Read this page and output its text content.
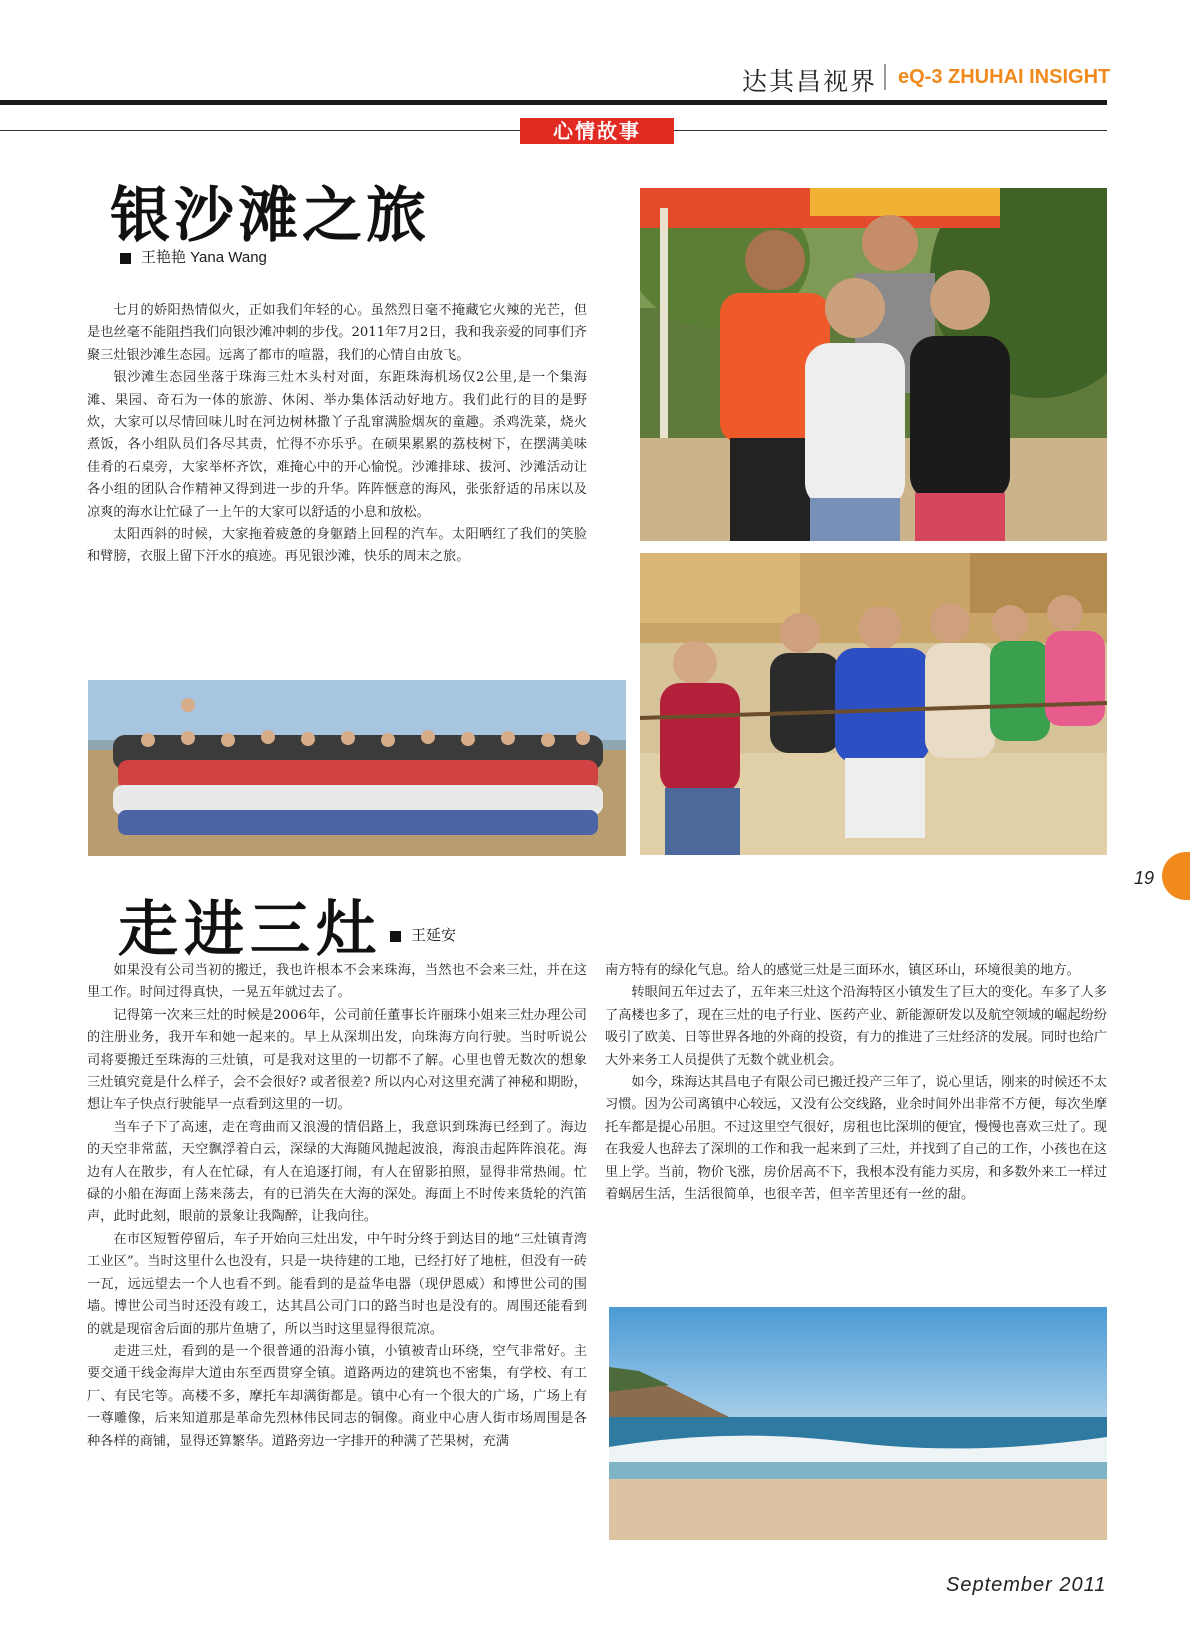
达其昌视界 eQ-3 ZHUHAI INSIGHT
心情故事
银沙滩之旅
王艳艳 Yana Wang

七月的娇阳热情似火，正如我们年轻的心。虽然烈日毫不掩藏它火辣的光芒，但是也丝毫不能阻挡我们向银沙滩冲刺的步伐。2011年7月2日，我和我亲爱的同事们齐聚三灶银沙滩生态园。远离了都市的喧嚣，我们的心情自由放飞。

银沙滩生态园坐落于珠海三灶木头村对面，东距珠海机场仅2公里,是一个集海滩、果园、奇石为一体的旅游、休闲、举办集体活动好地方。我们此行的目的是野炊，大家可以尽情回味儿时在河边树林撒丫子乱窜满脸烟灰的童趣。杀鸡洗菜，烧火煮饭，各小组队员们各尽其责，忙得不亦乐乎。在硕果累累的荔枝树下，在摆满美味佳肴的石桌旁，大家举杯齐饮，难掩心中的开心愉悦。沙滩排球、拔河、沙滩活动让各小组的团队合作精神又得到进一步的升华。阵阵惬意的海风，张张舒适的吊床以及凉爽的海水让忙碌了一上午的大家可以舒适的小息和放松。

太阳西斜的时候，大家拖着疲惫的身躯踏上回程的汽车。太阳晒红了我们的笑脸和臂膀，衣服上留下汗水的痕迹。再见银沙滩，快乐的周末之旅。

走进三灶	王延安

如果没有公司当初的搬迁，我也许根本不会来珠海，当然也不会来三灶，并在这里工作。时间过得真快，一晃五年就过去了。

记得第一次来三灶的时候是2006年，公司前任董事长许丽珠小姐来三灶办理公司的注册业务，我开车和她一起来的。早上从深圳出发，向珠海方向行驶。当时听说公司将要搬迁至珠海的三灶镇，可是我对这里的一切都不了解。心里也曾无数次的想象三灶镇究竟是什么样子，会不会很好? 或者很差? 所以内心对这里充满了神秘和期盼，想让车子快点行驶能早一点看到这里的一切。

当车子下了高速，走在弯曲而又浪漫的情侣路上，我意识到珠海已经到了。海边的天空非常蓝，天空飘浮着白云，深绿的大海随风抛起波浪，海浪击起阵阵浪花。海边有人在散步，有人在忙碌，有人在追逐打闹，有人在留影拍照，显得非常热闹。忙碌的小船在海面上荡来荡去，有的已消失在大海的深处。海面上不时传来货轮的汽笛声，此时此刻，眼前的景象让我陶醉，让我向往。

在市区短暂停留后，车子开始向三灶出发，中午时分终于到达目的地“三灶镇青湾工业区”。当时这里什么也没有，只是一块待建的工地，已经打好了地桩，但没有一砖一瓦，远远望去一个人也看不到。能看到的是益华电器（现伊恩威）和博世公司的围墙。博世公司当时还没有竣工，达其昌公司门口的路当时也是没有的。周围还能看到的就是现宿舍后面的那片鱼塘了，所以当时这里显得很荒凉。

走进三灶，看到的是一个很普通的沿海小镇，小镇被青山环绕，空气非常好。主要交通干线金海岸大道由东至西贯穿全镇。道路两边的建筑也不密集，有学校、有工厂、有民宅等。高楼不多，摩托车却满街都是。镇中心有一个很大的广场，广场上有一尊雕像，后来知道那是革命先烈林伟民同志的铜像。商业中心唐人街市场周围是各种各样的商铺，显得还算繁华。道路旁边一字排开的种满了芒果树，充满

南方特有的绿化气息。给人的感觉三灶是三面环水，镇区环山，环境很美的地方。

转眼间五年过去了，五年来三灶这个沿海特区小镇发生了巨大的变化。车多了人多了高楼也多了，现在三灶的电子行业、医药产业、新能源研发以及航空领域的崛起纷纷吸引了欧美、日等世界各地的外商的投资，有力的推进了三灶经济的发展。同时也给广大外来务工人员提供了无数个就业机会。

如今，珠海达其昌电子有限公司已搬迁投产三年了，说心里话，刚来的时候还不太习惯。因为公司离镇中心较远，又没有公交线路，业余时间外出非常不方便，每次坐摩托车都是提心吊胆。不过这里空气很好，房租也比深圳的便宜，慢慢也喜欢三灶了。现在我爱人也辞去了深圳的工作和我一起来到了三灶，并找到了自己的工作，小孩也在这里上学。当前，物价飞涨，房价居高不下，我根本没有能力买房，和多数外来工一样过着蜗居生活，生活很简单，也很辛苦，但辛苦里还有一丝的甜。

19
September 2011
